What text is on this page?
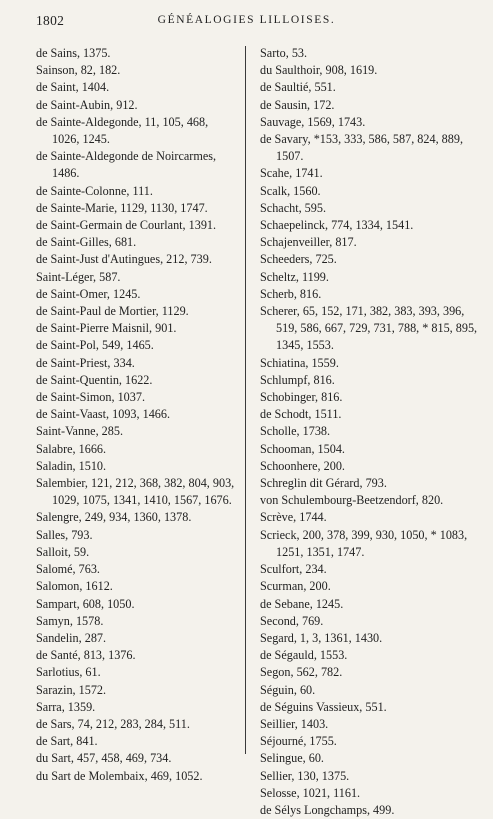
1802	GÉNÉALOGIES LILLOISES.
de Sains, 1375.
Sainson, 82, 182.
de Saint, 1404.
de Saint-Aubin, 912.
de Sainte-Aldegonde, 11, 105, 468, 1026, 1245.
de Sainte-Aldegonde de Noircarmes, 1486.
de Sainte-Colonne, 111.
de Sainte-Marie, 1129, 1130, 1747.
de Saint-Germain de Courlant, 1391.
de Saint-Gilles, 681.
de Saint-Just d'Autingues, 212, 739.
Saint-Léger, 587.
de Saint-Omer, 1245.
de Saint-Paul de Mortier, 1129.
de Saint-Pierre Maisnil, 901.
de Saint-Pol, 549, 1465.
de Saint-Priest, 334.
de Saint-Quentin, 1622.
de Saint-Simon, 1037.
de Saint-Vaast, 1093, 1466.
Saint-Vanne, 285.
Salabre, 1666.
Saladin, 1510.
Salembier, 121, 212, 368, 382, 804, 903, 1029, 1075, 1341, 1410, 1567, 1676.
Salengre, 249, 934, 1360, 1378.
Salles, 793.
Salloit, 59.
Salomé, 763.
Salomon, 1612.
Sampart, 608, 1050.
Samyn, 1578.
Sandelin, 287.
de Santé, 813, 1376.
Sarlotius, 61.
Sarazin, 1572.
Sarra, 1359.
de Sars, 74, 212, 283, 284, 511.
de Sart, 841.
du Sart, 457, 458, 469, 734.
du Sart de Molembaix, 469, 1052.
Sarto, 53.
du Saulthoir, 908, 1619.
de Saultié, 551.
de Sausin, 172.
Sauvage, 1569, 1743.
de Savary, *153, 333, 586, 587, 824, 889, 1507.
Scahe, 1741.
Scalk, 1560.
Schacht, 595.
Schaepelinck, 774, 1334, 1541.
Schajenveiller, 817.
Scheeders, 725.
Scheltz, 1199.
Scherb, 816.
Scherer, 65, 152, 171, 382, 383, 393, 396, 519, 586, 667, 729, 731, 788, * 815, 895, 1345, 1553.
Schiatina, 1559.
Schlumpf, 816.
Schobinger, 816.
de Schodt, 1511.
Scholle, 1738.
Schooman, 1504.
Schoonhere, 200.
Schreglin dit Gérard, 793.
von Schulembourg-Beetzendorf, 820.
Scrève, 1744.
Scrieck, 200, 378, 399, 930, 1050, * 1083, 1251, 1351, 1747.
Sculfort, 234.
Scurman, 200.
de Sebane, 1245.
Second, 769.
Segard, 1, 3, 1361, 1430.
de Ségauld, 1553.
Segon, 562, 782.
Séguin, 60.
de Séguins Vassieux, 551.
Seillier, 1403.
Séjourné, 1755.
Selingue, 60.
Sellier, 130, 1375.
Selosse, 1021, 1161.
de Sélys Longchamps, 499.
